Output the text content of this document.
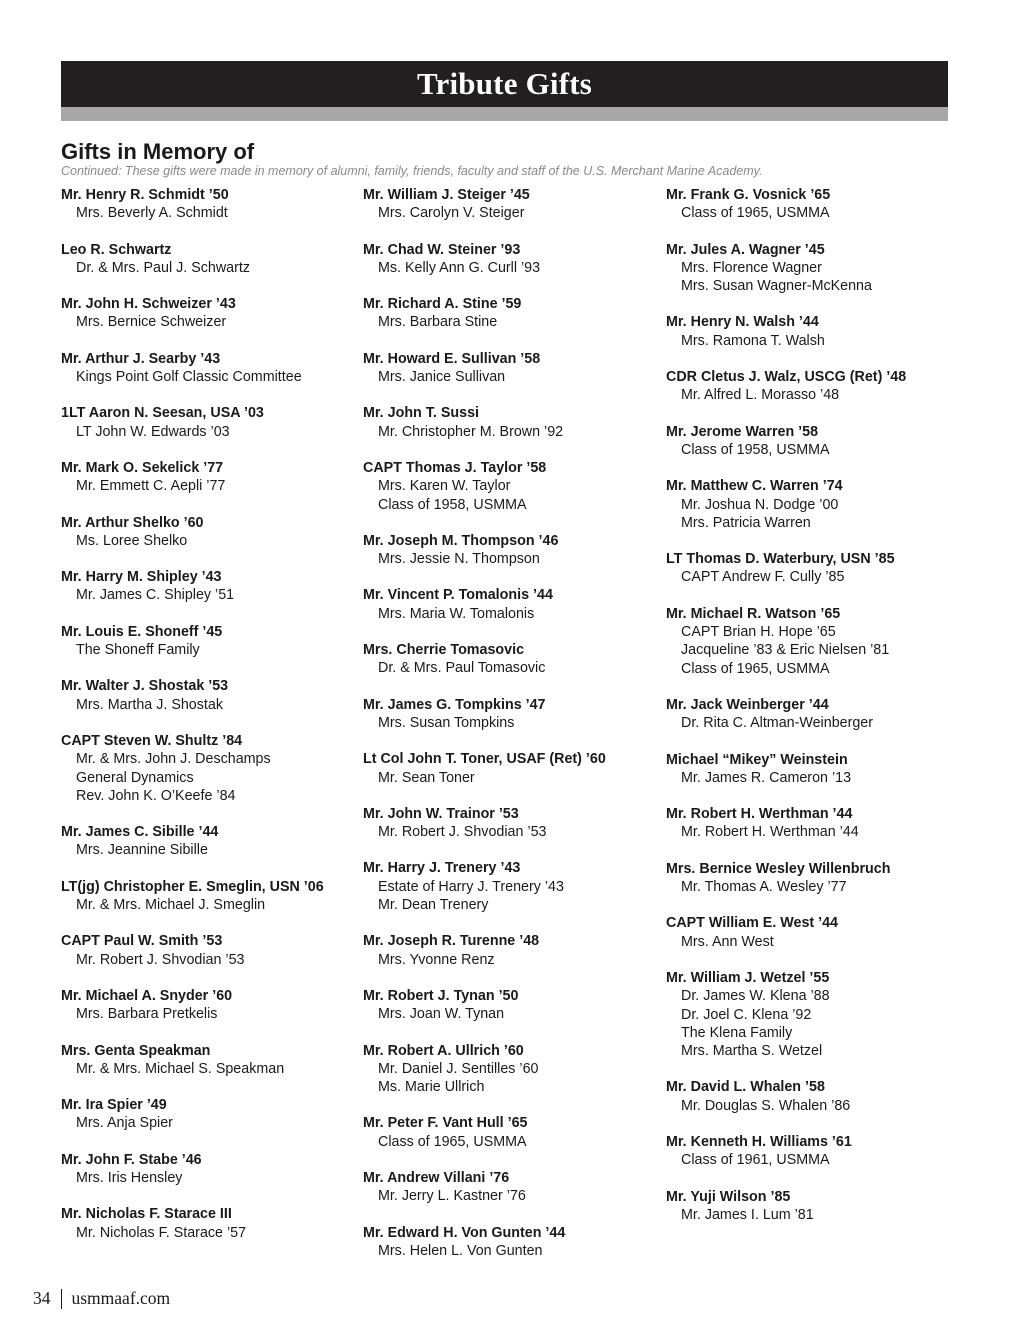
Tribute Gifts
Gifts in Memory of
Continued: These gifts were made in memory of alumni, family, friends, faculty and staff of the U.S. Merchant Marine Academy.
Mr. Henry R. Schmidt ’50
Mrs. Beverly A. Schmidt
Leo R. Schwartz
Dr. & Mrs. Paul J. Schwartz
Mr. John H. Schweizer ’43
Mrs. Bernice Schweizer
Mr. Arthur J. Searby ’43
Kings Point Golf Classic Committee
1LT Aaron N. Seesan, USA ’03
LT John W. Edwards ’03
Mr. Mark O. Sekelick ’77
Mr. Emmett C. Aepli ’77
Mr. Arthur Shelko ’60
Ms. Loree Shelko
Mr. Harry M. Shipley ’43
Mr. James C. Shipley ’51
Mr. Louis E. Shoneff ’45
The Shoneff Family
Mr. Walter J. Shostak ’53
Mrs. Martha J. Shostak
CAPT Steven W. Shultz ’84
Mr. & Mrs. John J. Deschamps
General Dynamics
Rev. John K. O’Keefe ’84
Mr. James C. Sibille ’44
Mrs. Jeannine Sibille
LT(jg) Christopher E. Smeglin, USN ’06
Mr. & Mrs. Michael J. Smeglin
CAPT Paul W. Smith ’53
Mr. Robert J. Shvodian ’53
Mr. Michael A. Snyder ’60
Mrs. Barbara Pretkelis
Mrs. Genta Speakman
Mr. & Mrs. Michael S. Speakman
Mr. Ira Spier ’49
Mrs. Anja Spier
Mr. John F. Stabe ’46
Mrs. Iris Hensley
Mr. Nicholas F. Starace III
Mr. Nicholas F. Starace ’57
Mr. William J. Steiger ’45
Mrs. Carolyn V. Steiger
Mr. Chad W. Steiner ’93
Ms. Kelly Ann G. Curll ’93
Mr. Richard A. Stine ’59
Mrs. Barbara Stine
Mr. Howard E. Sullivan ’58
Mrs. Janice Sullivan
Mr. John T. Sussi
Mr. Christopher M. Brown ’92
CAPT Thomas J. Taylor ’58
Mrs. Karen W. Taylor
Class of 1958, USMMA
Mr. Joseph M. Thompson ’46
Mrs. Jessie N. Thompson
Mr. Vincent P. Tomalonis ’44
Mrs. Maria W. Tomalonis
Mrs. Cherrie Tomasovic
Dr. & Mrs. Paul Tomasovic
Mr. James G. Tompkins ’47
Mrs. Susan Tompkins
Lt Col John T. Toner, USAF (Ret) ’60
Mr. Sean Toner
Mr. John W. Trainor ’53
Mr. Robert J. Shvodian ’53
Mr. Harry J. Trenery ’43
Estate of Harry J. Trenery ’43
Mr. Dean Trenery
Mr. Joseph R. Turenne ’48
Mrs. Yvonne Renz
Mr. Robert J. Tynan ’50
Mrs. Joan W. Tynan
Mr. Robert A. Ullrich ’60
Mr. Daniel J. Sentilles ’60
Ms. Marie Ullrich
Mr. Peter F. Vant Hull ’65
Class of 1965, USMMA
Mr. Andrew Villani ’76
Mr. Jerry L. Kastner ’76
Mr. Edward H. Von Gunten ’44
Mrs. Helen L. Von Gunten
Mr. Frank G. Vosnick ’65
Class of 1965, USMMA
Mr. Jules A. Wagner ’45
Mrs. Florence Wagner
Mrs. Susan Wagner-McKenna
Mr. Henry N. Walsh ’44
Mrs. Ramona T. Walsh
CDR Cletus J. Walz, USCG (Ret) ’48
Mr. Alfred L. Morasso ’48
Mr. Jerome Warren ’58
Class of 1958, USMMA
Mr. Matthew C. Warren ’74
Mr. Joshua N. Dodge ’00
Mrs. Patricia Warren
LT Thomas D. Waterbury, USN ’85
CAPT Andrew F. Cully ’85
Mr. Michael R. Watson ’65
CAPT Brian H. Hope ’65
Jacqueline ’83 & Eric Nielsen ’81
Class of 1965, USMMA
Mr. Jack Weinberger ’44
Dr. Rita C. Altman-Weinberger
Michael “Mikey” Weinstein
Mr. James R. Cameron ’13
Mr. Robert H. Werthman ’44
Mr. Robert H. Werthman ’44
Mrs. Bernice Wesley Willenbruch
Mr. Thomas A. Wesley ’77
CAPT William E. West ’44
Mrs. Ann West
Mr. William J. Wetzel ’55
Dr. James W. Klena ’88
Dr. Joel C. Klena ’92
The Klena Family
Mrs. Martha S. Wetzel
Mr. David L. Whalen ’58
Mr. Douglas S. Whalen ’86
Mr. Kenneth H. Williams ’61
Class of 1961, USMMA
Mr. Yuji Wilson ’85
Mr. James I. Lum ’81
34 usmmaaf.com
